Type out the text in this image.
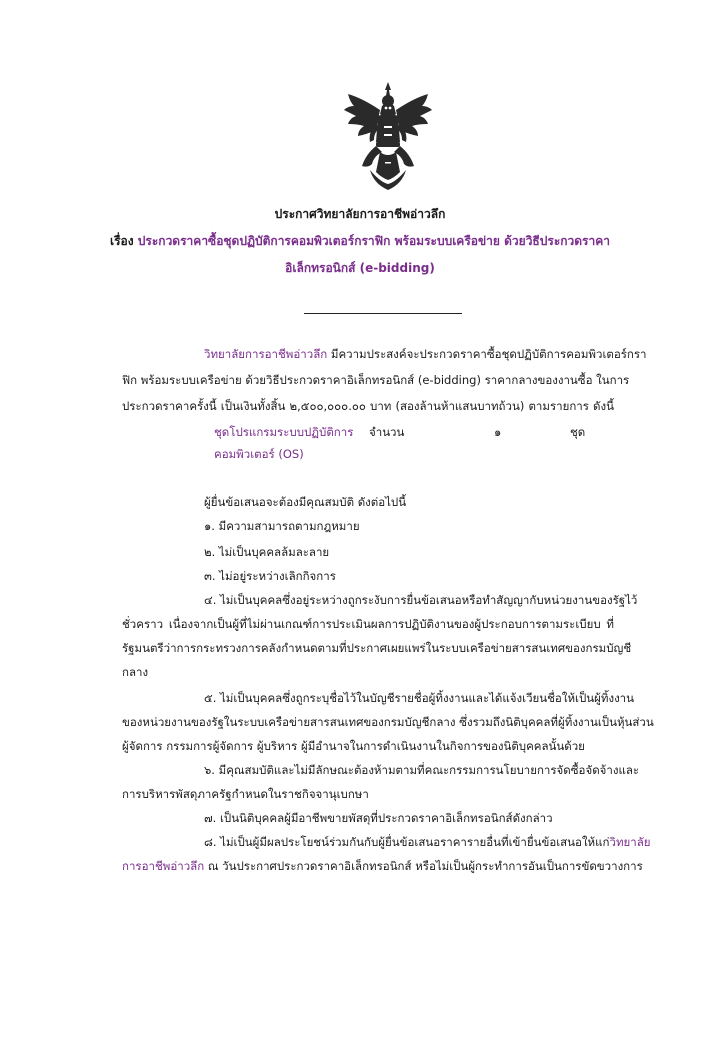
ประกาศวิทยาลัยการอาชีพอ่าวลึก
เรื่อง ประกวดราคาซื้อชุดปฏิบัติการคอมพิวเตอร์กราฟิก พร้อมระบบเครือข่าย ด้วยวิธีประกวดราคา
อิเล็กทรอนิกส์ (e-bidding)
วิทยาลัยการอาชีพอ่าวลึก มีความประสงค์จะประกวดราคาซื้อชุดปฏิบัติการคอมพิวเตอร์กรา
ฟิก พร้อมระบบเครือข่าย ด้วยวิธีประกวดราคาอิเล็กทรอนิกส์ (e-bidding) ราคากลางของงานซื้อ ในการ
ประกวดราคาครั้งนี้ เป็นเงินทั้งสิ้น ๒,๕๐๐,๐๐๐.๐๐ บาท (สองล้านห้าแสนบาทถ้วน) ตามรายการ ดังนี้
ชุดโปรแกรมระบบปฏิบัติการ จำนวน	๑	ชุด
คอมพิวเตอร์ (OS)
ผู้ยื่นข้อเสนอจะต้องมีคุณสมบัติ ดังต่อไปนี้
๑. มีความสามารถตามกฎหมาย
๒. ไม่เป็นบุคคลล้มละลาย
๓. ไม่อยู่ระหว่างเลิกกิจการ
๔. ไม่เป็นบุคคลซึ่งอยู่ระหว่างถูกระงับการยื่นข้อเสนอหรือทำสัญญากับหน่วยงานของรัฐไว้
ชั่วคราว เนื่องจากเป็นผู้ที่ไม่ผ่านเกณฑ์การประเมินผลการปฏิบัติงานของผู้ประกอบการตามระเบียบ ที่
รัฐมนตรีว่าการกระทรวงการคลังกำหนดตามที่ประกาศเผยแพร่ในระบบเครือข่ายสารสนเทศของกรมบัญชี
กลาง
๕. ไม่เป็นบุคคลซึ่งถูกระบุชื่อไว้ในบัญชีรายชื่อผู้ทิ้งงานและได้แจ้งเวียนชื่อให้เป็นผู้ทิ้งงาน
ของหน่วยงานของรัฐในระบบเครือข่ายสารสนเทศของกรมบัญชีกลาง ซึ่งรวมถึงนิติบุคคลที่ผู้ทิ้งงานเป็นหุ้นส่วน
ผู้จัดการ กรรมการผู้จัดการ ผู้บริหาร ผู้มีอำนาจในการดำเนินงานในกิจการของนิติบุคคลนั้นด้วย
๖. มีคุณสมบัติและไม่มีลักษณะต้องห้ามตามที่คณะกรรมการนโยบายการจัดซื้อจัดจ้างและ
การบริหารพัสดุภาครัฐกำหนดในราชกิจจานุเบกษา
๗. เป็นนิติบุคคลผู้มีอาชีพขายพัสดุที่ประกวดราคาอิเล็กทรอนิกส์ดังกล่าว
๘. ไม่เป็นผู้มีผลประโยชน์ร่วมกันกับผู้ยื่นข้อเสนอราคารายอื่นที่เข้ายื่นข้อเสนอให้แก่วิทยาลัย
การอาชีพอ่าวลึก ณ วันประกาศประกวดราคาอิเล็กทรอนิกส์ หรือไม่เป็นผู้กระทำการอันเป็นการขัดขวางการ
